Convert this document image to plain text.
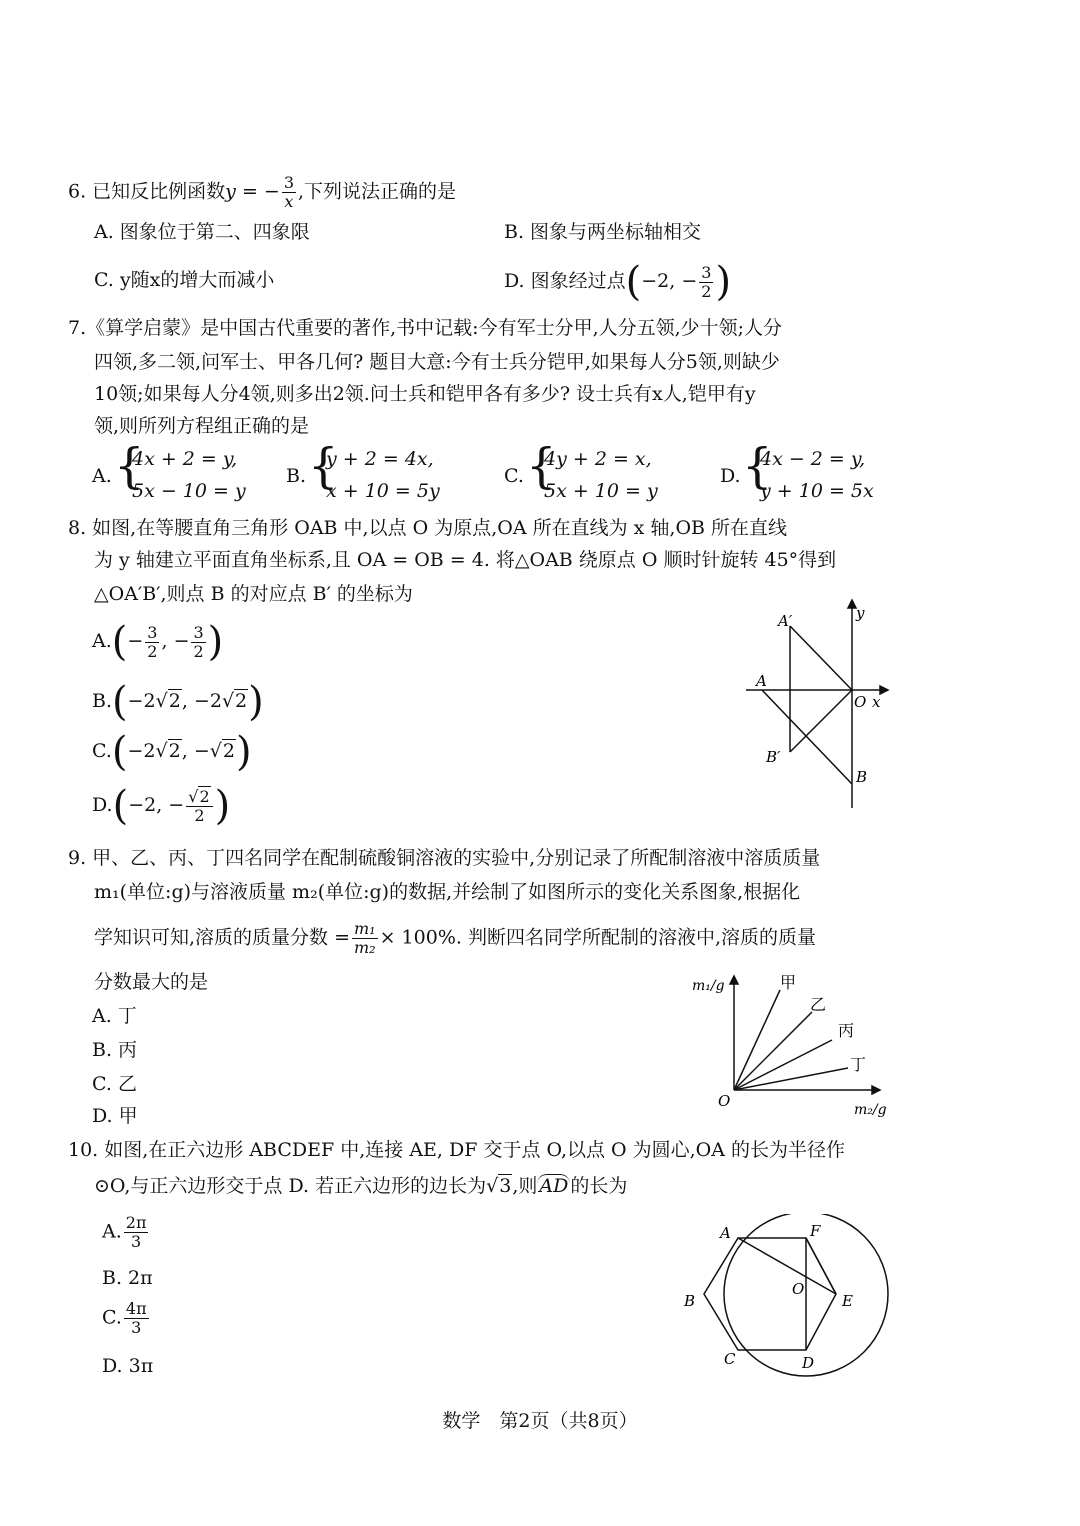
6. 已知反比例函数y = − $\frac{3}{x}$ ,下列说法正确的是
A. 图象位于第二、四象限	B. 图象与两坐标轴相交
C. y随x的增大而减小	D. 图象经过点(−2, − $\frac{3}{2}$ )
7.《算学启蒙》是中国古代重要的著作,书中记载:今有军士分甲,人分五领,少十领;人分
四领,多二领,问军士、甲各几何? 题目大意:今有士兵分铠甲,如果每人分5领,则缺少
10领;如果每人分4领,则多出2领.问士兵和铠甲各有多少? 设士兵有x人,铠甲有y
领,则所列方程组正确的是
A. {
4x + 2 = y,
5x − 10 = y
B. {
y + 2 = 4x,
x + 10 = 5y
C. {
4y + 2 = x,
5x + 10 = y
D. {
4x − 2 = y,
y + 10 = 5x
8. 如图,在等腰直角三角形 OAB 中,以点 O 为原点,OA 所在直线为 x 轴,OB 所在直线
为 y 轴建立平面直角坐标系,且 OA = OB = 4. 将△OAB 绕原点 O 顺时针旋转 45°得到
△OA′B′,则点 B 的对应点 B′ 的坐标为
$A.(- \frac{3}{2}$ , − $\frac{3}{2}$ )
B.(−2√2, −2√2)
C.(−2√2, −√2)
D.(−2, − $\frac{√2}{2}$ )
A′	y
A
O x
B′
B
9. 甲、乙、丙、丁四名同学在配制硫酸铜溶液的实验中,分别记录了所配制溶液中溶质质量
m₁(单位:g)与溶液质量 m₂(单位:g)的数据,并绘制了如图所示的变化关系图象,根据化
学知识可知,溶质的质量分数 = $\frac{\text{m₁}}{\text{m₂}} \times 100\%$. 判断四名同学所配制的溶液中,溶质的质量
分数最大的是
A. 丁
B. 丙
C. 乙
D. 甲
m₁/g
m₂/g
O
甲
乙
丙
丁
10. 如图,在正六边形 ABCDEF 中,连接 AE, DF 交于点 O,以点 O 为圆心,OA 的长为半径作
⊙O,与正六边形交于点 D. 若正六边形的边长为√3,则 AD 的长为
A. $\frac{2\pi}{3}$
B. 2π
C. $\frac{4\pi}{3}$
D. 3π
A	F
B
O
E
C	D
数学　第2页（共8页）
